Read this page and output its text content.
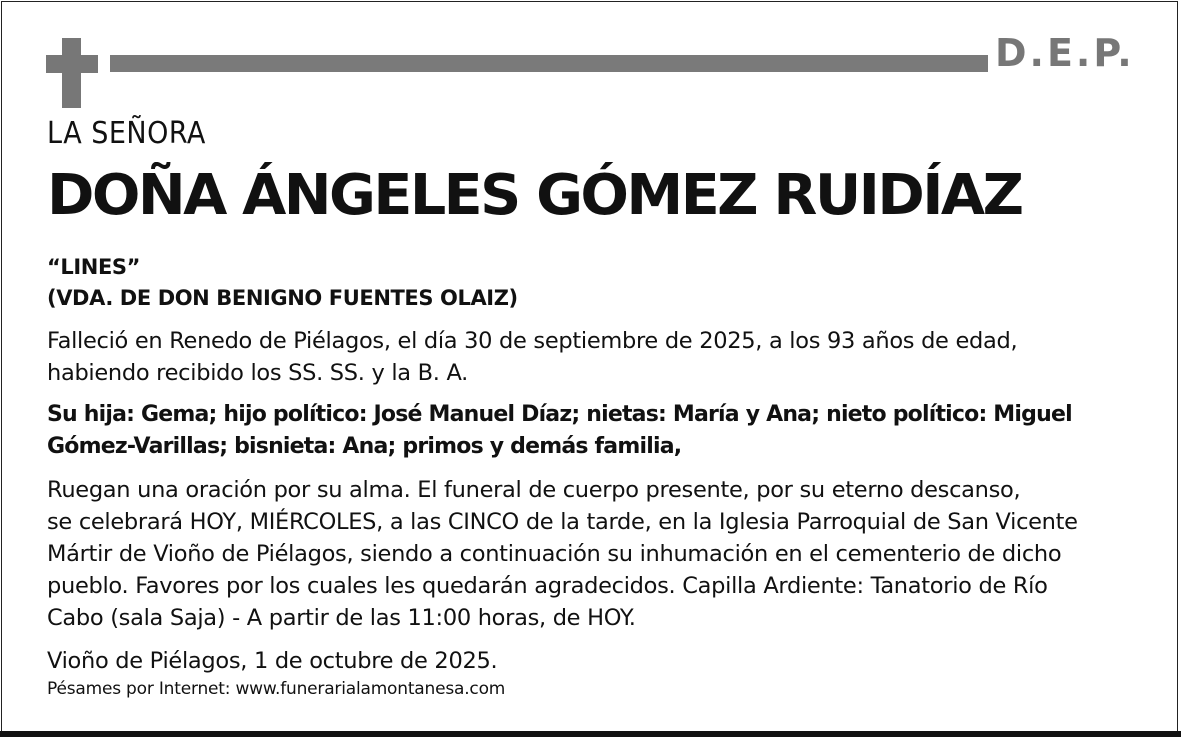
D.E.P.
LA SEÑORA
DOÑA ÁNGELES GÓMEZ RUIDÍAZ
“LINES”
(VDA. DE DON BENIGNO FUENTES OLAIZ)
Falleció en Renedo de Piélagos, el día 30 de septiembre de 2025, a los 93 años de edad,
habiendo recibido los SS. SS. y la B. A.
Su hija: Gema; hijo político: José Manuel Díaz; nietas: María y Ana; nieto político: Miguel
Gómez-Varillas; bisnieta: Ana; primos y demás familia,
Ruegan una oración por su alma. El funeral de cuerpo presente, por su eterno descanso,
se celebrará HOY, MIÉRCOLES, a las CINCO de la tarde, en la Iglesia Parroquial de San Vicente
Mártir de Vioño de Piélagos, siendo a continuación su inhumación en el cementerio de dicho
pueblo. Favores por los cuales les quedarán agradecidos. Capilla Ardiente: Tanatorio de Río
Cabo (sala Saja) - A partir de las 11:00 horas, de HOY.
Vioño de Piélagos, 1 de octubre de 2025.
Pésames por Internet: www.funerarialamontanesa.com
